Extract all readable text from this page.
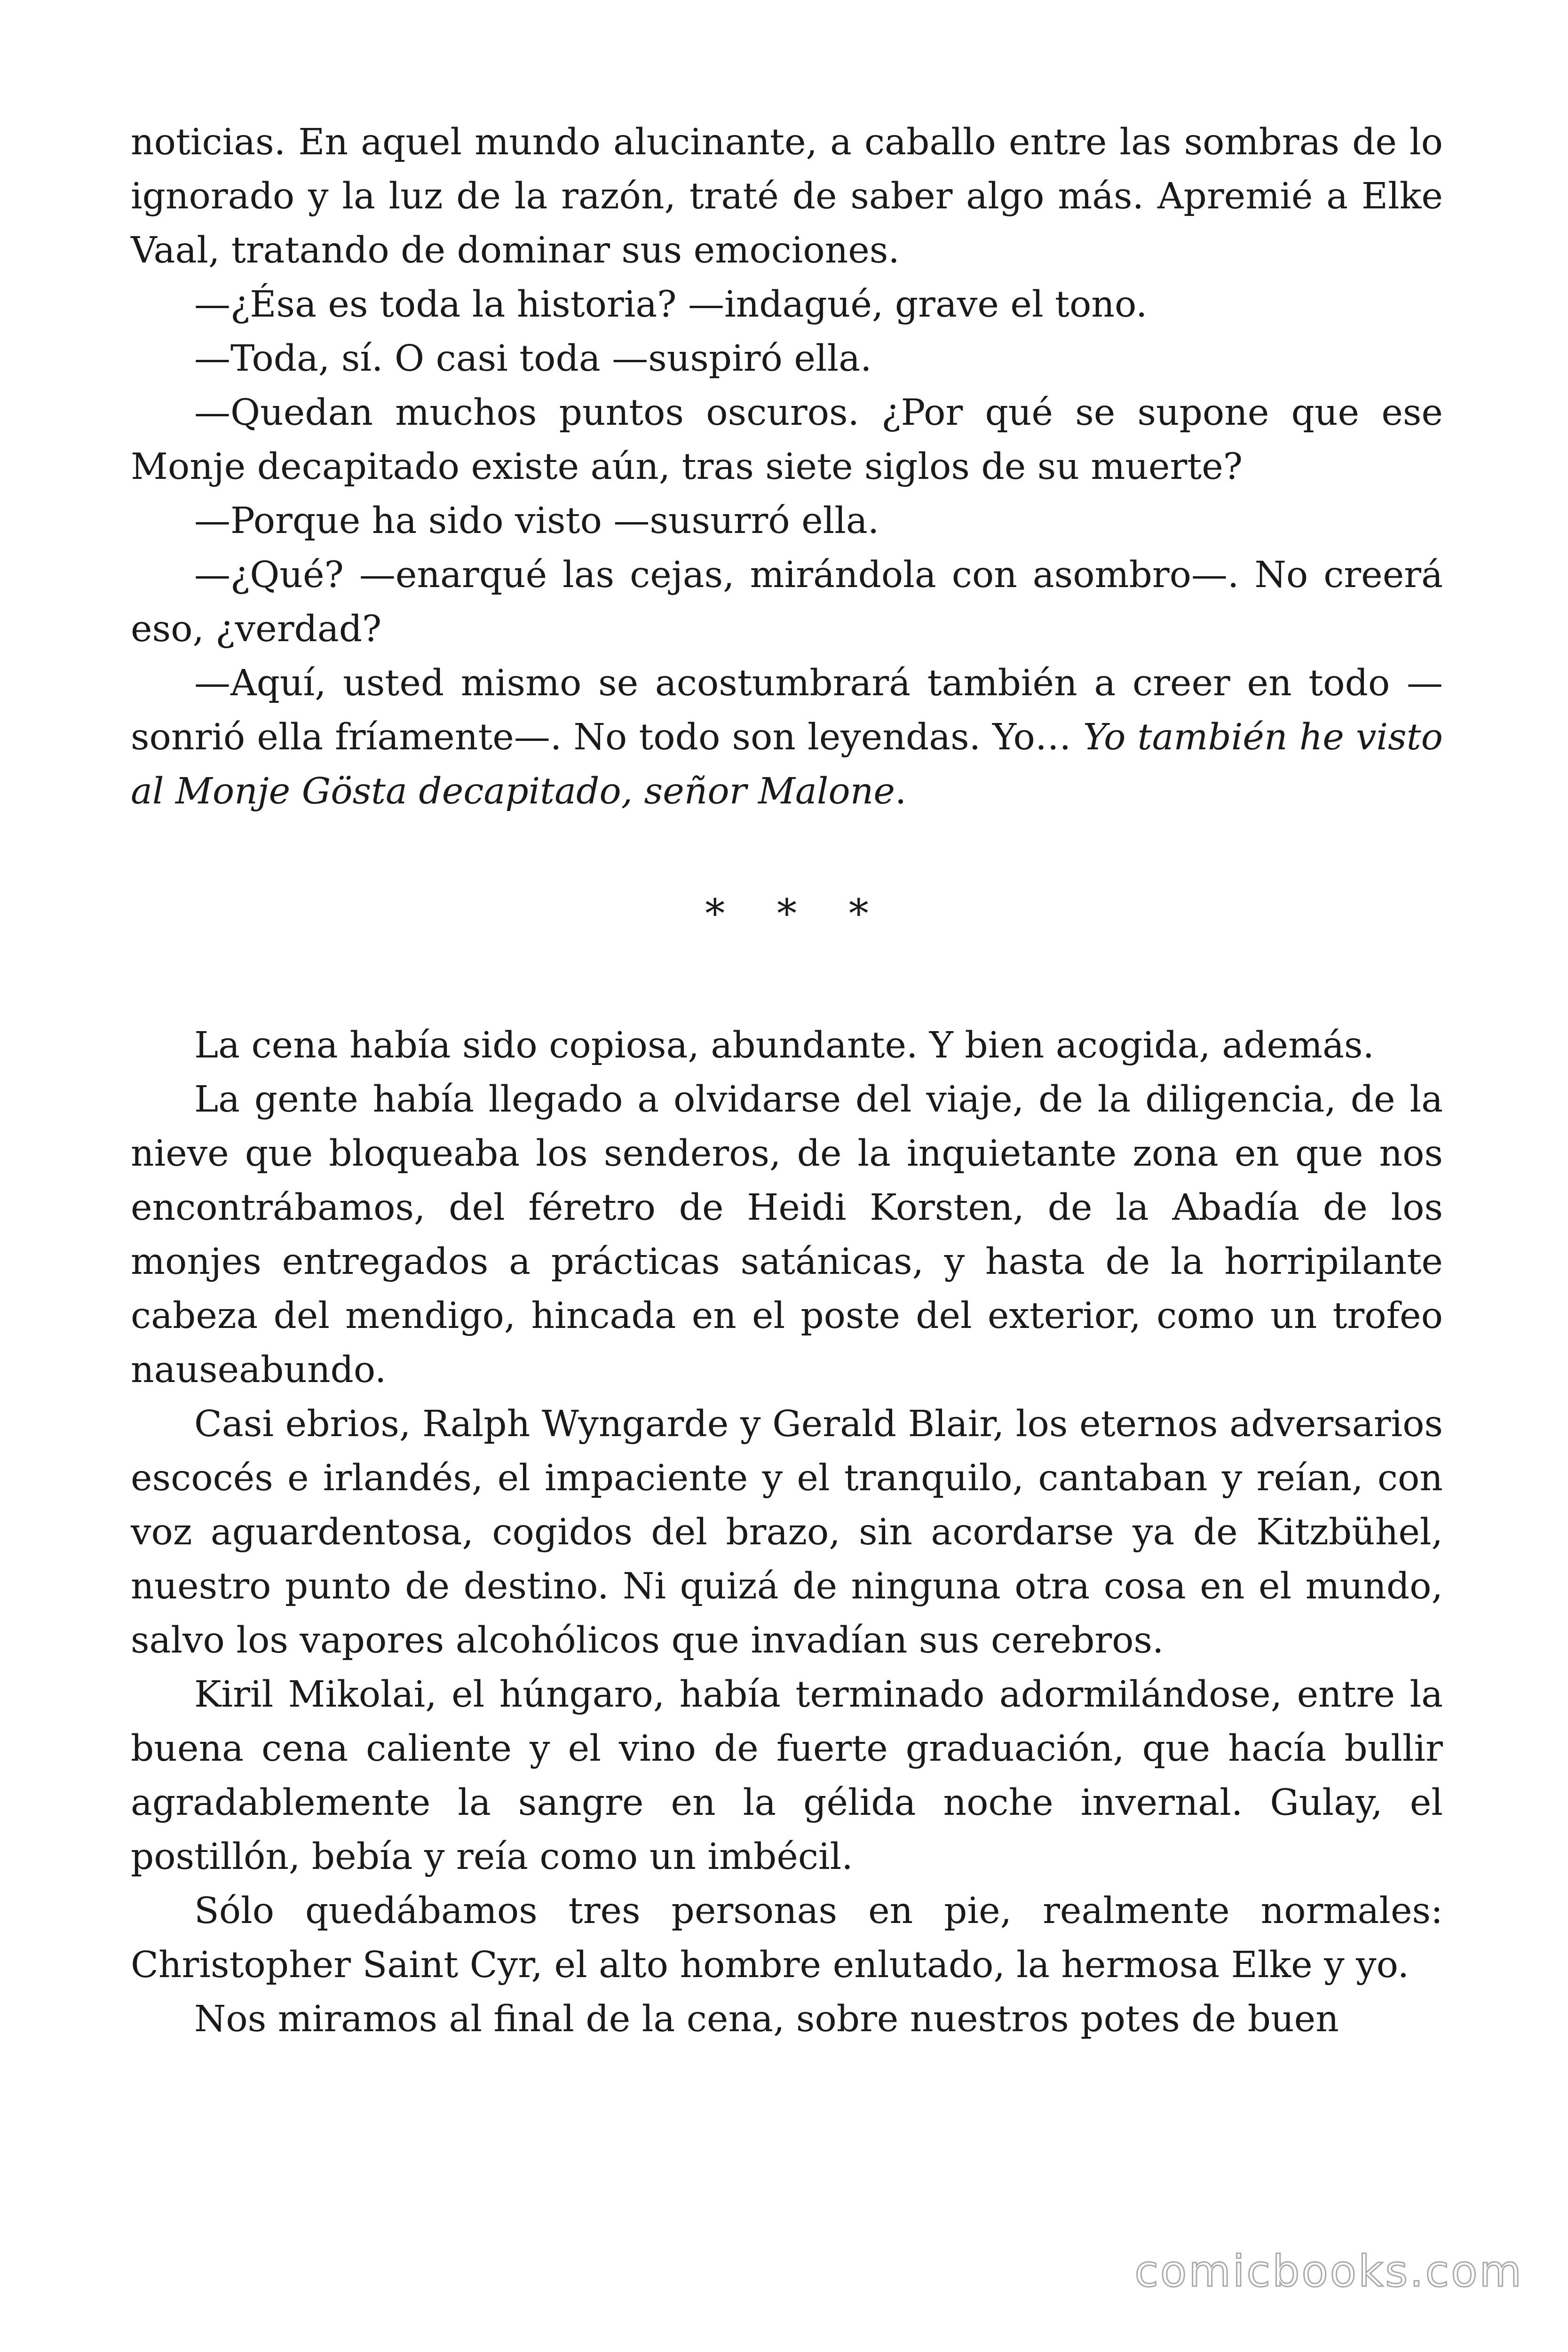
noticias. En aquel mundo alucinante, a caballo entre las sombras de lo ignorado y la luz de la razón, traté de saber algo más. Apremié a Elke Vaal, tratando de dominar sus emociones.

—¿Ésa es toda la historia? —indagué, grave el tono.

—Toda, sí. O casi toda —suspiró ella.

—Quedan muchos puntos oscuros. ¿Por qué se supone que ese Monje decapitado existe aún, tras siete siglos de su muerte?

—Porque ha sido visto —susurró ella.

—¿Qué? —enarqué las cejas, mirándola con asombro—. No creerá eso, ¿verdad?

—Aquí, usted mismo se acostumbrará también a creer en todo —sonrió ella fríamente—. No todo son leyendas. Yo… Yo también he visto al Monje Gösta decapitado, señor Malone.

* * *

La cena había sido copiosa, abundante. Y bien acogida, además.

La gente había llegado a olvidarse del viaje, de la diligencia, de la nieve que bloqueaba los senderos, de la inquietante zona en que nos encontrábamos, del féretro de Heidi Korsten, de la Abadía de los monjes entregados a prácticas satánicas, y hasta de la horripilante cabeza del mendigo, hincada en el poste del exterior, como un trofeo nauseabundo.

Casi ebrios, Ralph Wyngarde y Gerald Blair, los eternos adversarios escocés e irlandés, el impaciente y el tranquilo, cantaban y reían, con voz aguardentosa, cogidos del brazo, sin acordarse ya de Kitzbühel, nuestro punto de destino. Ni quizá de ninguna otra cosa en el mundo, salvo los vapores alcohólicos que invadían sus cerebros.

Kiril Mikolai, el húngaro, había terminado adormilándose, entre la buena cena caliente y el vino de fuerte graduación, que hacía bullir agradablemente la sangre en la gélida noche invernal. Gulay, el postillón, bebía y reía como un imbécil.

Sólo quedábamos tres personas en pie, realmente normales: Christopher Saint Cyr, el alto hombre enlutado, la hermosa Elke y yo.

Nos miramos al final de la cena, sobre nuestros potes de buen

comicbooks.com
